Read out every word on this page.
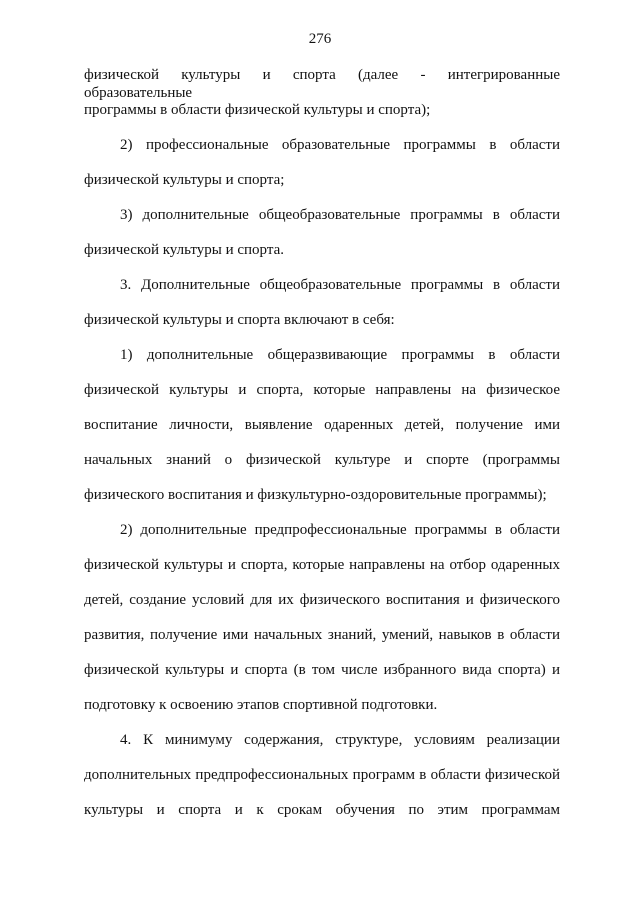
276
физической культуры и спорта (далее - интегрированные образовательные
программы в области физической культуры и спорта);
2) профессиональные образовательные программы в области
физической культуры и спорта;
3) дополнительные общеобразовательные программы в области
физической культуры и спорта.
3. Дополнительные общеобразовательные программы в области
физической культуры и спорта включают в себя:
1) дополнительные общеразвивающие программы в области
физической культуры и спорта, которые направлены на физическое
воспитание личности, выявление одаренных детей, получение ими
начальных знаний о физической культуре и спорте (программы
физического воспитания и физкультурно-оздоровительные программы);
2) дополнительные предпрофессиональные программы в области
физической культуры и спорта, которые направлены на отбор одаренных
детей, создание условий для их физического воспитания и физического
развития, получение ими начальных знаний, умений, навыков в области
физической культуры и спорта (в том числе избранного вида спорта) и
подготовку к освоению этапов спортивной подготовки.
4. К минимуму содержания, структуре, условиям реализации
дополнительных предпрофессиональных программ в области физической
культуры и спорта и к срокам обучения по этим программам
